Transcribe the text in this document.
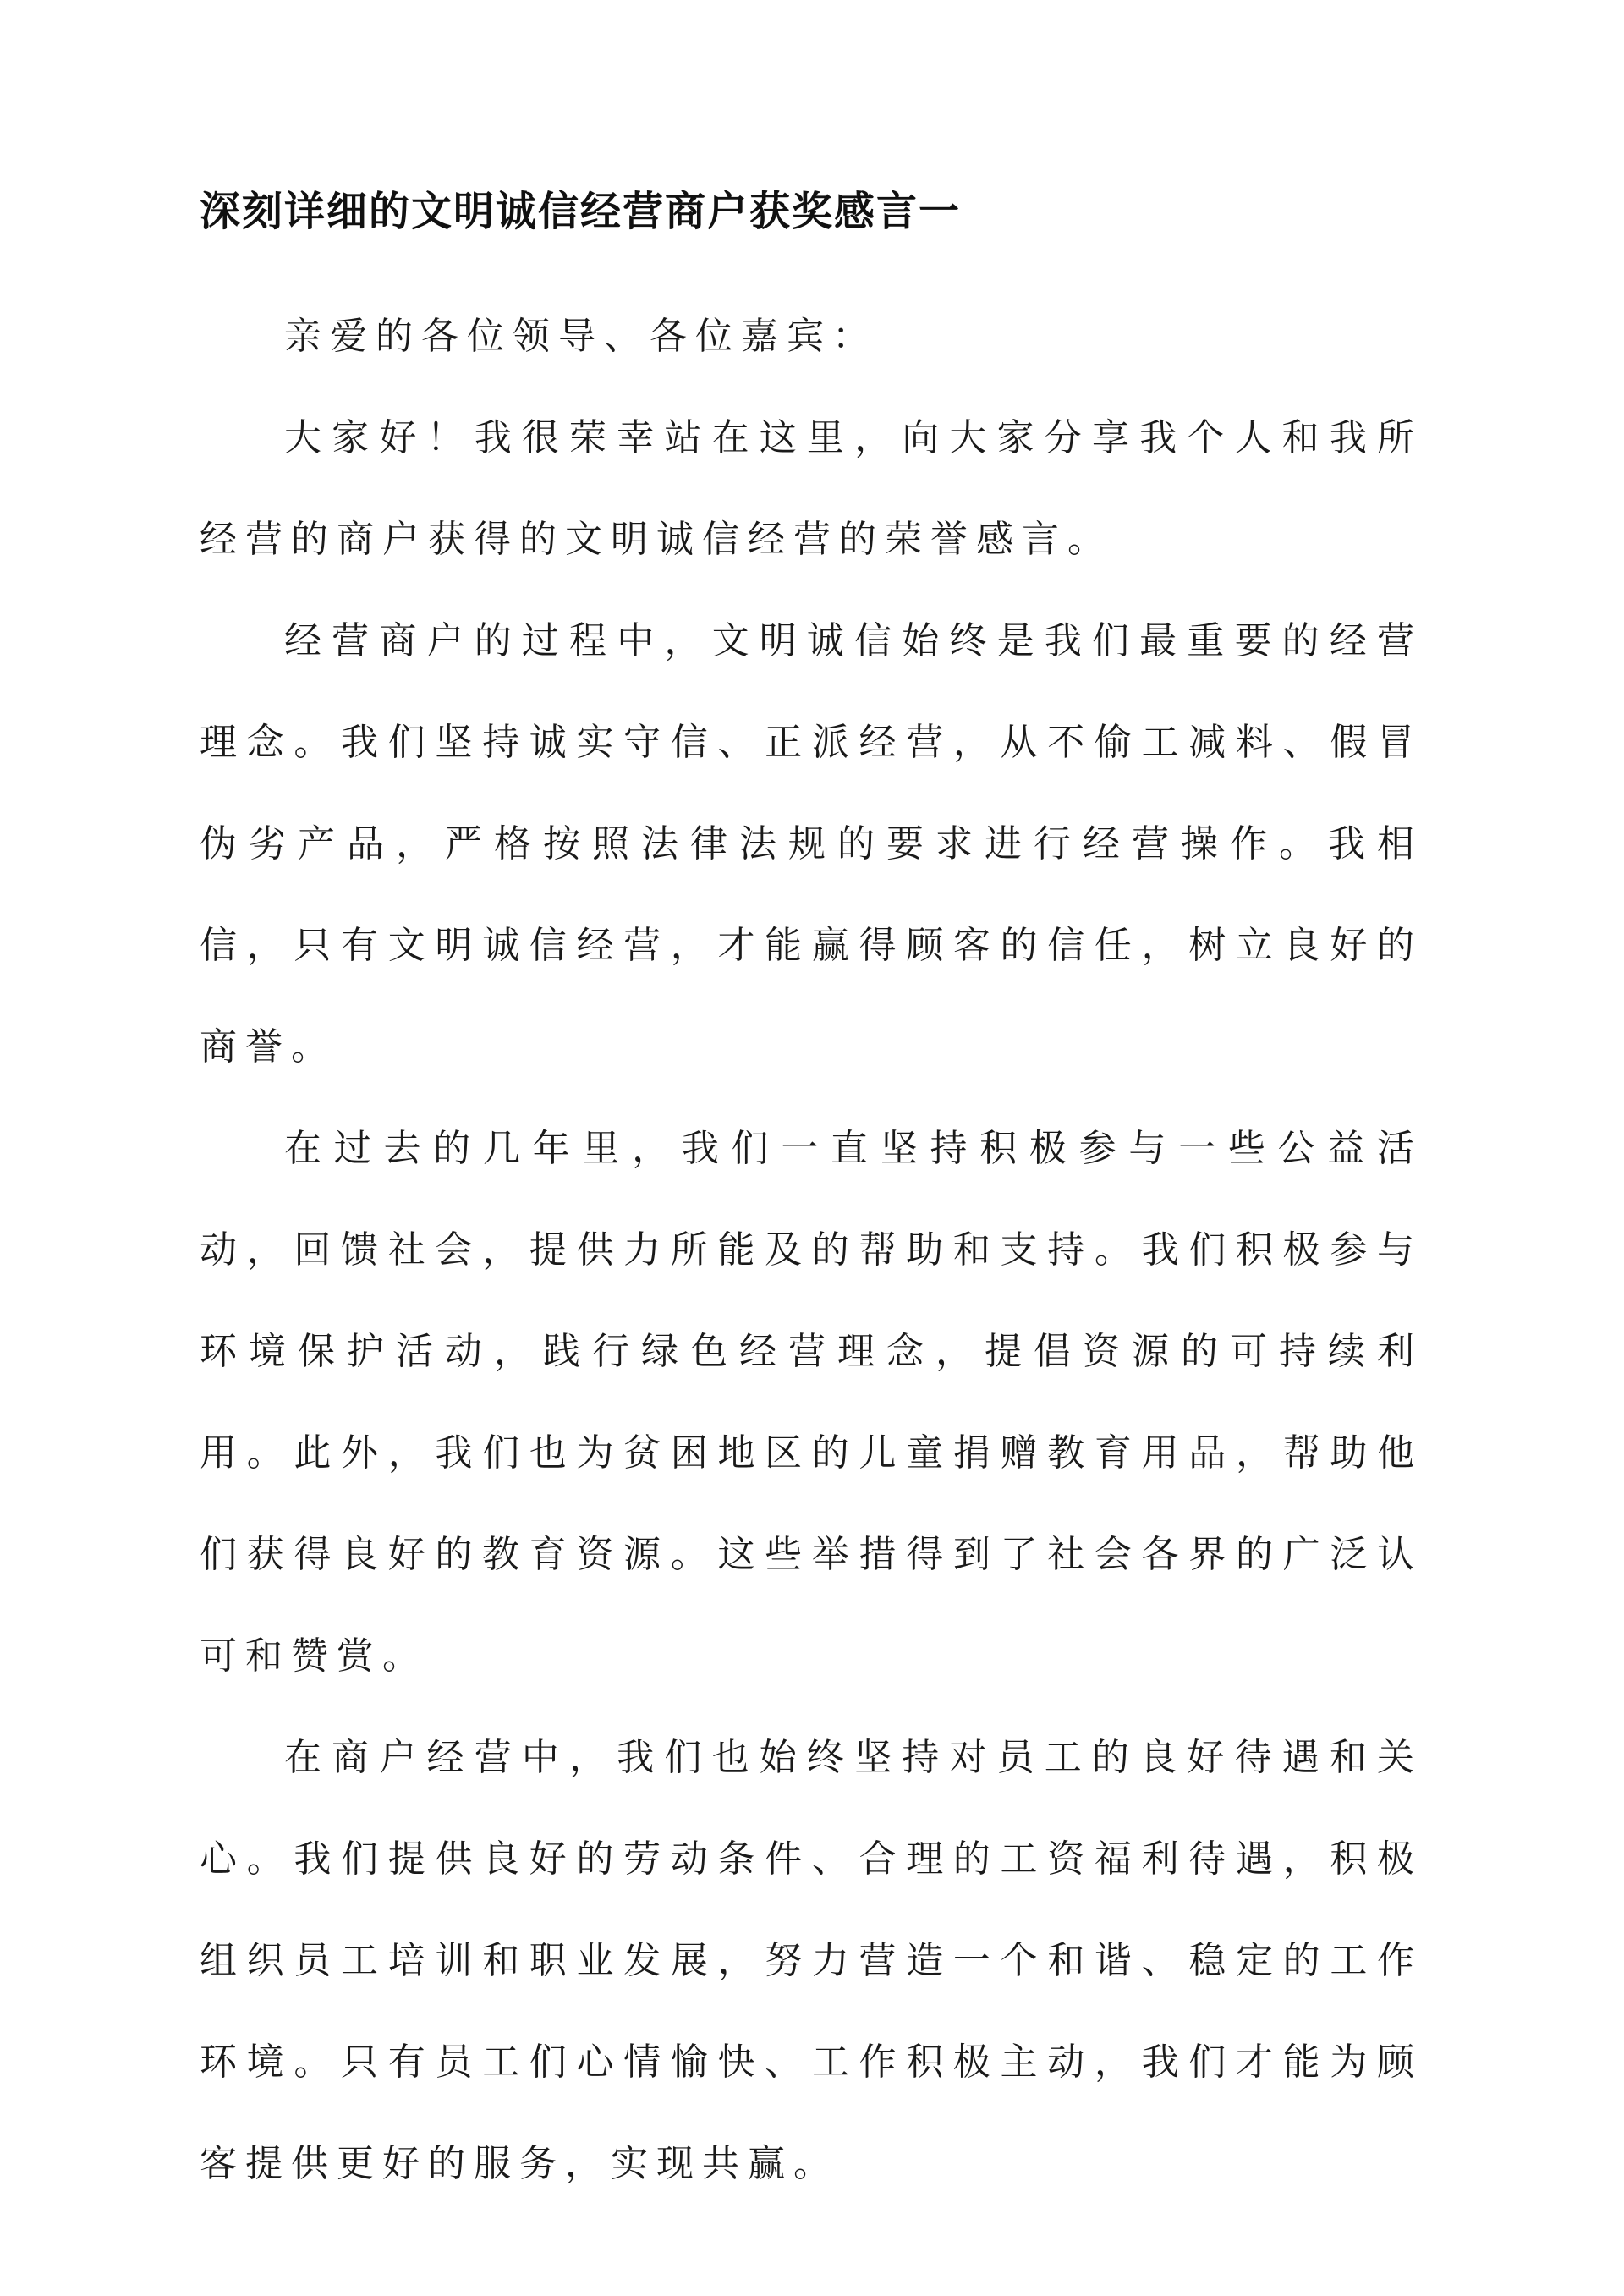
深刻详细的文明诚信经营商户获奖感言一

亲爱的各位领导、各位嘉宾：

大家好！我很荣幸站在这里，向大家分享我个人和我所经营的商户获得的文明诚信经营的荣誉感言。

经营商户的过程中，文明诚信始终是我们最重要的经营理念。我们坚持诚实守信、正派经营，从不偷工减料、假冒伪劣产品，严格按照法律法规的要求进行经营操作。我相信，只有文明诚信经营，才能赢得顾客的信任，树立良好的商誉。

在过去的几年里，我们一直坚持积极参与一些公益活动，回馈社会，提供力所能及的帮助和支持。我们积极参与环境保护活动，践行绿色经营理念，提倡资源的可持续利用。此外，我们也为贫困地区的儿童捐赠教育用品，帮助他们获得良好的教育资源。这些举措得到了社会各界的广泛认可和赞赏。

在商户经营中，我们也始终坚持对员工的良好待遇和关心。我们提供良好的劳动条件、合理的工资福利待遇，积极组织员工培训和职业发展，努力营造一个和谐、稳定的工作环境。只有员工们心情愉快、工作积极主动，我们才能为顾客提供更好的服务，实现共赢。
